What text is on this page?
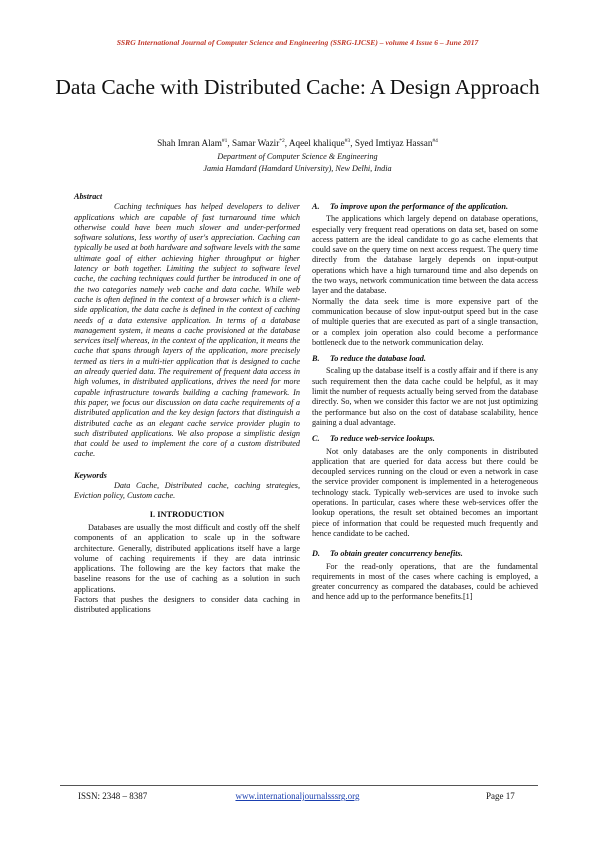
SSRG International Journal of Computer Science and Engineering (SSRG-IJCSE) – volume 4 Issue 6 – June 2017
Data Cache with Distributed Cache: A Design Approach
Shah Imran Alam$^{\#1}$, Samar Wazir$^{*2}$, Aqeel khalique$^{\#3}$, Syed Imtiyaz Hassan$^{\#4}$
Department of Computer Science & Engineering
Jamia Hamdard (Hamdard University), New Delhi, India
Abstract

Caching techniques has helped developers to deliver applications which are capable of fast turnaround time which otherwise could have been much slower and under-performed software solutions, less worthy of user's appreciation. Caching can typically be used at both hardware and software levels with the same ultimate goal of either achieving higher throughput or higher latency or both together. Limiting the subject to software level cache, the caching techniques could further be introduced in one of the two categories namely web cache and data cache. While web cache is often defined in the context of a browser which is a client-side application, the data cache is defined in the context of caching needs of a data extensive application. In terms of a database management system, it means a cache provisioned at the database services itself whereas, in the context of the application, it means the cache that spans through layers of the application, more precisely termed as tiers in a multi-tier application that is designed to cache an already queried data. The requirement of frequent data access in high volumes, in distributed applications, drives the need for more capable infrastructure towards building a caching framework. In this paper, we focus our discussion on data cache requirements of a distributed application and the key design factors that distinguish a distributed cache as an elegant cache service provider plugin to such distributed applications. We also propose a simplistic design that could be used to implement the core of a custom distributed cache.

Keywords

Data Cache, Distributed cache, caching strategies, Eviction policy, Custom cache.

I. INTRODUCTION

Databases are usually the most difficult and costly off the shelf components of an application to scale up in the software architecture. Generally, distributed applications itself have a large volume of caching requirements if they are data intrinsic applications. The following are the key factors that make the baseline reasons for the use of caching as a solution in such applications.

Factors that pushes the designers to consider data caching in distributed applications

A.	To improve upon the performance of the application.

The applications which largely depend on database operations, especially very frequent read operations on data set, based on some access pattern are the ideal candidate to go as cache elements that could save on the query time on next access request. The query time directly from the database largely depends on input-output operations which have a high turnaround time and also depends on the two ways, network communication time between the data access layer and the database.

Normally the data seek time is more expensive part of the communication because of slow input-output speed but in the case of multiple queries that are executed as part of a single transaction, or a complex join operation also could become a performance bottleneck due to the network communication delay.

B.	To reduce the database load.

Scaling up the database itself is a costly affair and if there is any such requirement then the data cache could be helpful, as it may limit the number of requests actually being served from the database directly. So, when we consider this factor we are not just optimizing the performance but also on the cost of database scalability, hence gaining a dual advantage.

C.	To reduce web-service lookups.

Not only databases are the only components in distributed application that are queried for data access but there could be decoupled services running on the cloud or even a network in case the service provider component is implemented in a heterogeneous technology stack. Typically web-services are used to invoke such operations. In particular, cases where these web-services offer the lookup operations, the result set obtained becomes an important piece of information that could be requested much frequently and hence candidate to be cached.

D.	To obtain greater concurrency benefits.

For the read-only operations, that are the fundamental requirements in most of the cases where caching is employed, a greater concurrency as compared the databases, could be achieved and hence add up to the performance benefits.[1]

ISSN: 2348 – 8387	www.internationaljournalsssrg.org	Page 17
